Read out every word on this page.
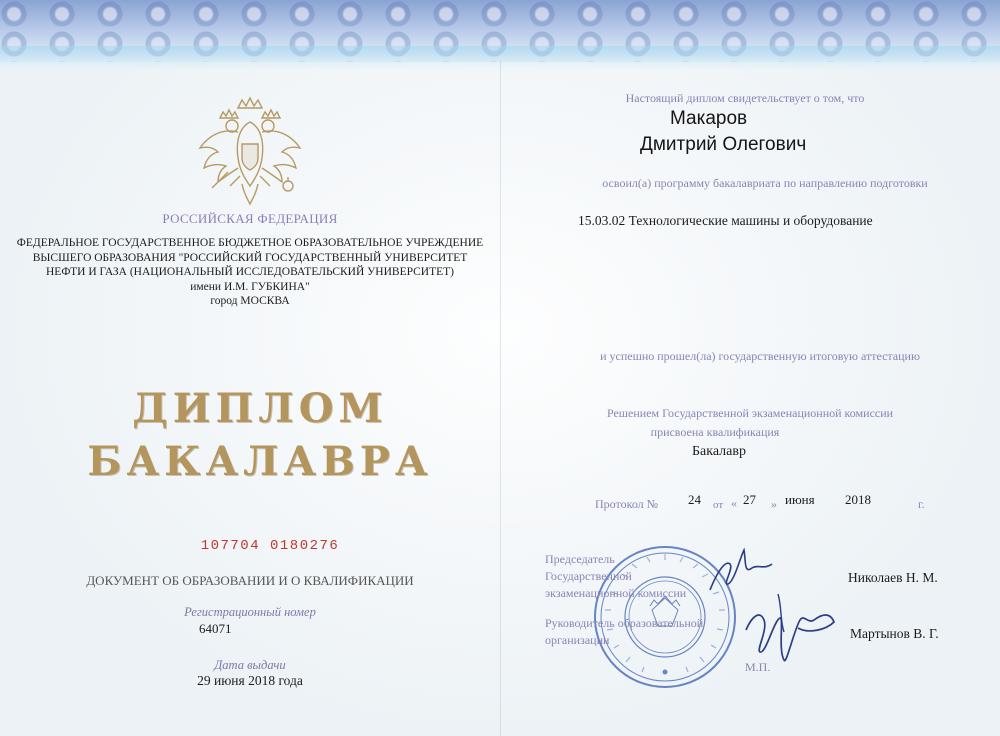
РОССИЙСКАЯ ФЕДЕРАЦИЯ
ФЕДЕРАЛЬНОЕ ГОСУДАРСТВЕННОЕ БЮДЖЕТНОЕ ОБРАЗОВАТЕЛЬНОЕ УЧРЕЖДЕНИЕ
ВЫСШЕГО ОБРАЗОВАНИЯ "РОССИЙСКИЙ ГОСУДАРСТВЕННЫЙ УНИВЕРСИТЕТ
НЕФТИ И ГАЗА (НАЦИОНАЛЬНЫЙ ИССЛЕДОВАТЕЛЬСКИЙ УНИВЕРСИТЕТ)
имени И.М. ГУБКИНА"
город МОСКВА
ДИПЛОМ
БАКАЛАВРА
107704 0180276
ДОКУМЕНТ ОБ ОБРАЗОВАНИИ И О КВАЛИФИКАЦИИ
Регистрационный номер
64071
Дата выдачи
29 июня 2018 года
Настоящий диплом свидетельствует о том, что
Макаров
Дмитрий Олегович
освоил(а) программу бакалавриата по направлению подготовки
15.03.02 Технологические машины и оборудование
и успешно прошел(ла) государственную итоговую аттестацию
Решением Государственной экзаменационной комиссии
присвоена квалификация
Бакалавр
Протокол № 24 от « 27 » июня 2018	г.
Председатель
Государственной
экзаменационной комиссии
Николаев Н. М.
Руководитель образовательной
организации	Мартынов В. Г.
М.П.
